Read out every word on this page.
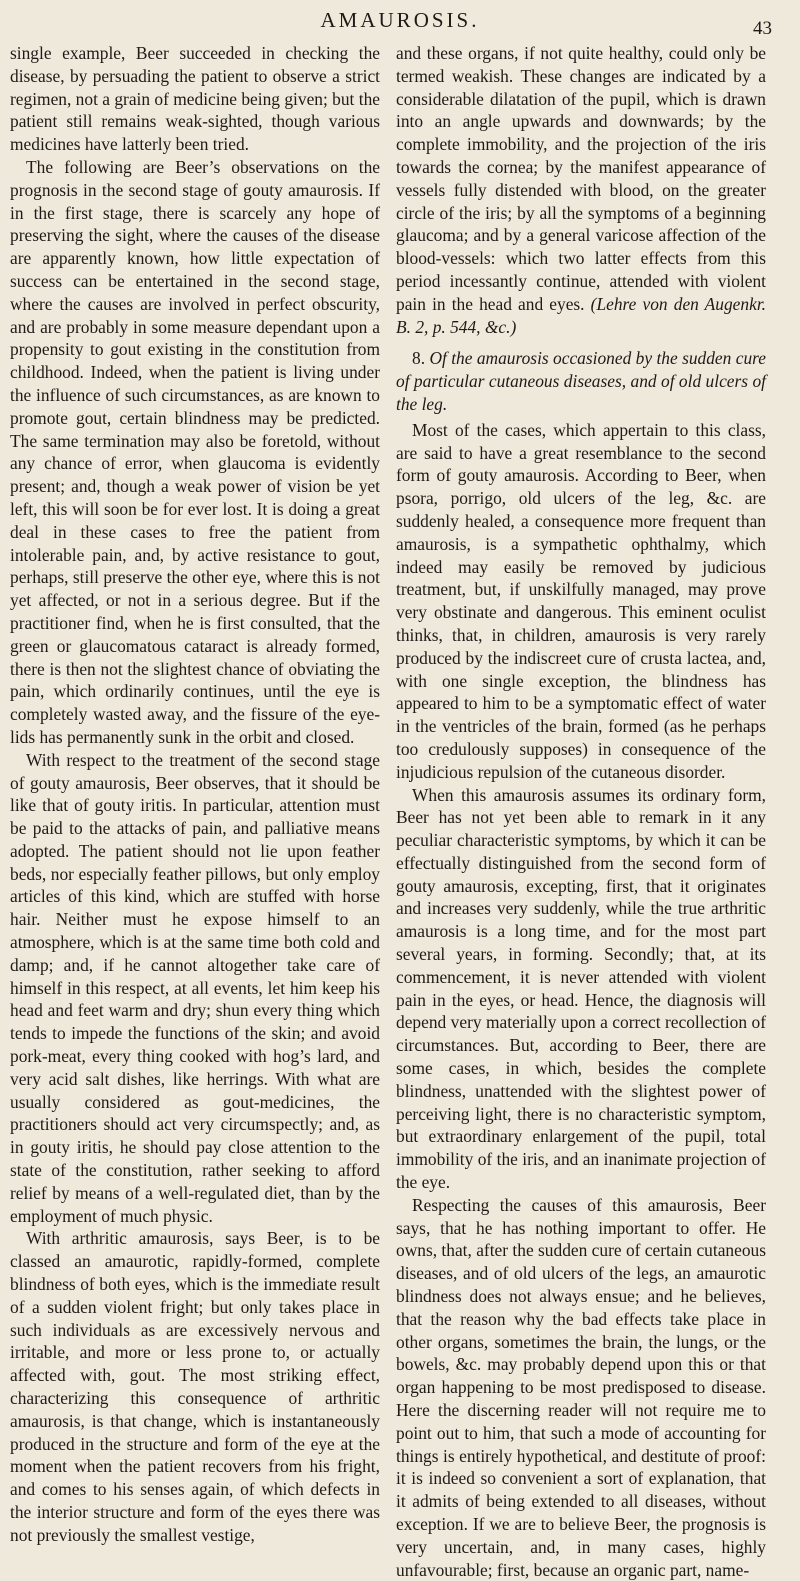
AMAUROSIS.	43

single example, Beer succeeded in checking the disease, by persuading the patient to observe a strict regimen, not a grain of medicine being given; but the patient still remains weak-sighted, though various medicines have latterly been tried.

The following are Beer’s observations on the prognosis in the second stage of gouty amaurosis. If in the first stage, there is scarcely any hope of preserving the sight, where the causes of the disease are apparently known, how little expectation of success can be entertained in the second stage, where the causes are involved in perfect obscurity, and are probably in some measure dependant upon a propensity to gout existing in the constitution from childhood. Indeed, when the patient is living under the influence of such circumstances, as are known to promote gout, certain blindness may be predicted. The same termination may also be foretold, without any chance of error, when glaucoma is evidently present; and, though a weak power of vision be yet left, this will soon be for ever lost. It is doing a great deal in these cases to free the patient from intolerable pain, and, by active resistance to gout, perhaps, still preserve the other eye, where this is not yet affected, or not in a serious degree. But if the practitioner find, when he is first consulted, that the green or glaucomatous cataract is already formed, there is then not the slightest chance of obviating the pain, which ordinarily continues, until the eye is completely wasted away, and the fissure of the eye-lids has permanently sunk in the orbit and closed.

With respect to the treatment of the second stage of gouty amaurosis, Beer observes, that it should be like that of gouty iritis. In particular, attention must be paid to the attacks of pain, and palliative means adopted. The patient should not lie upon feather beds, nor especially feather pillows, but only employ articles of this kind, which are stuffed with horse hair. Neither must he expose himself to an atmosphere, which is at the same time both cold and damp; and, if he cannot altogether take care of himself in this respect, at all events, let him keep his head and feet warm and dry; shun every thing which tends to impede the functions of the skin; and avoid pork-meat, every thing cooked with hog’s lard, and very acid salt dishes, like herrings. With what are usually considered as gout-medicines, the practitioners should act very circumspectly; and, as in gouty iritis, he should pay close attention to the state of the constitution, rather seeking to afford relief by means of a well-regulated diet, than by the employment of much physic.

With arthritic amaurosis, says Beer, is to be classed an amaurotic, rapidly-formed, complete blindness of both eyes, which is the immediate result of a sudden violent fright; but only takes place in such individuals as are excessively nervous and irritable, and more or less prone to, or actually affected with, gout. The most striking effect, characterizing this consequence of arthritic amaurosis, is that change, which is instantaneously produced in the structure and form of the eye at the moment when the patient recovers from his fright, and comes to his senses again, of which defects in the interior structure and form of the eyes there was not previously the smallest vestige,

and these organs, if not quite healthy, could only be termed weakish. These changes are indicated by a considerable dilatation of the pupil, which is drawn into an angle upwards and downwards; by the complete immobility, and the projection of the iris towards the cornea; by the manifest appearance of vessels fully distended with blood, on the greater circle of the iris; by all the symptoms of a beginning glaucoma; and by a general varicose affection of the blood-vessels: which two latter effects from this period incessantly continue, attended with violent pain in the head and eyes. (Lehre von den Augenkr. B. 2, p. 544, &c.)

8. Of the amaurosis occasioned by the sudden cure of particular cutaneous diseases, and of old ulcers of the leg.

Most of the cases, which appertain to this class, are said to have a great resemblance to the second form of gouty amaurosis. According to Beer, when psora, porrigo, old ulcers of the leg, &c. are suddenly healed, a consequence more frequent than amaurosis, is a sympathetic ophthalmy, which indeed may easily be removed by judicious treatment, but, if unskilfully managed, may prove very obstinate and dangerous. This eminent oculist thinks, that, in children, amaurosis is very rarely produced by the indiscreet cure of crusta lactea, and, with one single exception, the blindness has appeared to him to be a symptomatic effect of water in the ventricles of the brain, formed (as he perhaps too credulously supposes) in consequence of the injudicious repulsion of the cutaneous disorder.

When this amaurosis assumes its ordinary form, Beer has not yet been able to remark in it any peculiar characteristic symptoms, by which it can be effectually distinguished from the second form of gouty amaurosis, excepting, first, that it originates and increases very suddenly, while the true arthritic amaurosis is a long time, and for the most part several years, in forming. Secondly; that, at its commencement, it is never attended with violent pain in the eyes, or head. Hence, the diagnosis will depend very materially upon a correct recollection of circumstances. But, according to Beer, there are some cases, in which, besides the complete blindness, unattended with the slightest power of perceiving light, there is no characteristic symptom, but extraordinary enlargement of the pupil, total immobility of the iris, and an inanimate projection of the eye.

Respecting the causes of this amaurosis, Beer says, that he has nothing important to offer. He owns, that, after the sudden cure of certain cutaneous diseases, and of old ulcers of the legs, an amaurotic blindness does not always ensue; and he believes, that the reason why the bad effects take place in other organs, sometimes the brain, the lungs, or the bowels, &c. may probably depend upon this or that organ happening to be most predisposed to disease. Here the discerning reader will not require me to point out to him, that such a mode of accounting for things is entirely hypothetical, and destitute of proof: it is indeed so convenient a sort of explanation, that it admits of being extended to all diseases, without exception. If we are to believe Beer, the prognosis is very uncertain, and, in many cases, highly unfavourable; first, because an organic part, name-
